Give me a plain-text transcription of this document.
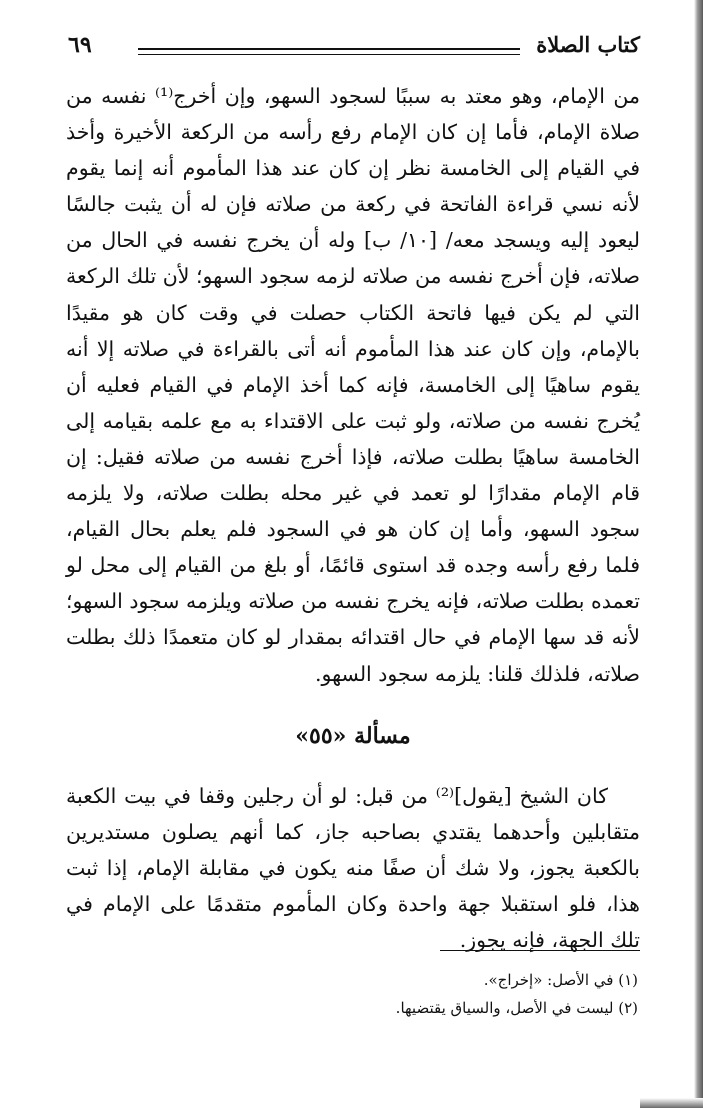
٦٩	كتاب الصلاة

من الإمام، وهو معتد به سببًا لسجود السهو، وإن أخرج⁽¹⁾ نفسه من صلاة الإمام، فأما إن كان الإمام رفع رأسه من الركعة الأخيرة وأخذ في القيام إلى الخامسة نظر إن كان عند هذا المأموم أنه إنما يقوم لأنه نسي قراءة الفاتحة في ركعة من صلاته فإن له أن يثبت جالسًا ليعود إليه ويسجد معه/ [١٠/ ب] وله أن يخرج نفسه في الحال من صلاته، فإن أخرج نفسه من صلاته لزمه سجود السهو؛ لأن تلك الركعة التي لم يكن فيها فاتحة الكتاب حصلت في وقت كان هو مقيدًا بالإمام، وإن كان عند هذا المأموم أنه أتى بالقراءة في صلاته إلا أنه يقوم ساهيًا إلى الخامسة، فإنه كما أخذ الإمام في القيام فعليه أن يُخرج نفسه من صلاته، ولو ثبت على الاقتداء به مع علمه بقيامه إلى الخامسة ساهيًا بطلت صلاته، فإذا أخرج نفسه من صلاته فقيل: إن قام الإمام مقدارًا لو تعمد في غير محله بطلت صلاته، ولا يلزمه سجود السهو، وأما إن كان هو في السجود فلم يعلم بحال القيام، فلما رفع رأسه وجده قد استوى قائمًا، أو بلغ من القيام إلى محل لو تعمده بطلت صلاته، فإنه يخرج نفسه من صلاته ويلزمه سجود السهو؛ لأنه قد سها الإمام في حال اقتدائه بمقدار لو كان متعمدًا ذلك بطلت صلاته، فلذلك قلنا: يلزمه سجود السهو.

مسألة «٥٥»

كان الشيخ [يقول]⁽²⁾ من قبل: لو أن رجلين وقفا في بيت الكعبة متقابلين وأحدهما يقتدي بصاحبه جاز، كما أنهم يصلون مستديرين بالكعبة يجوز، ولا شك أن صفًا منه يكون في مقابلة الإمام، إذا ثبت هذا، فلو استقبلا جهة واحدة وكان المأموم متقدمًا على الإمام في تلك الجهة، فإنه يجوز.

(١) في الأصل: «إخراج».

(٢) ليست في الأصل، والسياق يقتضيها.
